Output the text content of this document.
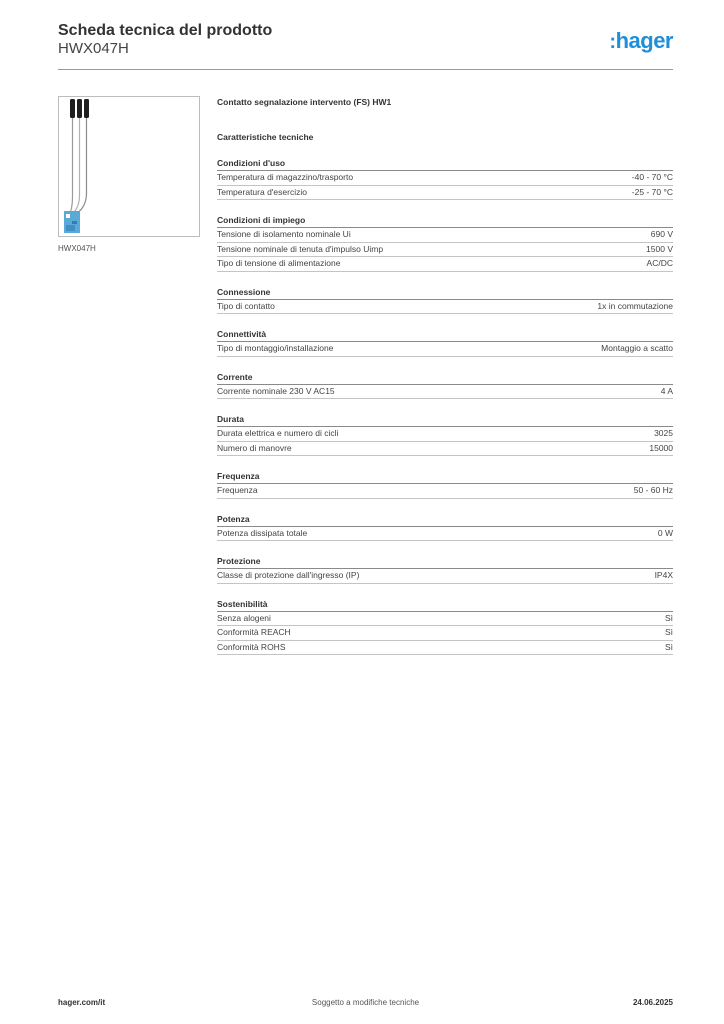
Scheda tecnica del prodotto
HWX047H	:hager
HWX047H
Contatto segnalazione intervento (FS) HW1
Caratteristiche tecniche
Condizioni d'uso
Temperatura di magazzino/trasporto	-40 - 70 °C
Temperatura d'esercizio	-25 - 70 °C
Condizioni di impiego
Tensione di isolamento nominale Ui	690 V
Tensione nominale di tenuta d'impulso Uimp	1500 V
Tipo di tensione di alimentazione	AC/DC
Connessione
Tipo di contatto	1x in commutazione
Connettività
Tipo di montaggio/installazione	Montaggio a scatto
Corrente
Corrente nominale 230 V AC15	4 A
Durata
Durata elettrica e numero di cicli	3025
Numero di manovre	15000
Frequenza
Frequenza	50 - 60 Hz
Potenza
Potenza dissipata totale	0 W
Protezione
Classe di protezione dall'ingresso (IP)	IP4X
Sostenibilità
Senza alogeni	Sì
Conformità REACH	Sì
Conformità ROHS	Sì
hager.com/it	Soggetto a modifiche tecniche	24.06.2025
